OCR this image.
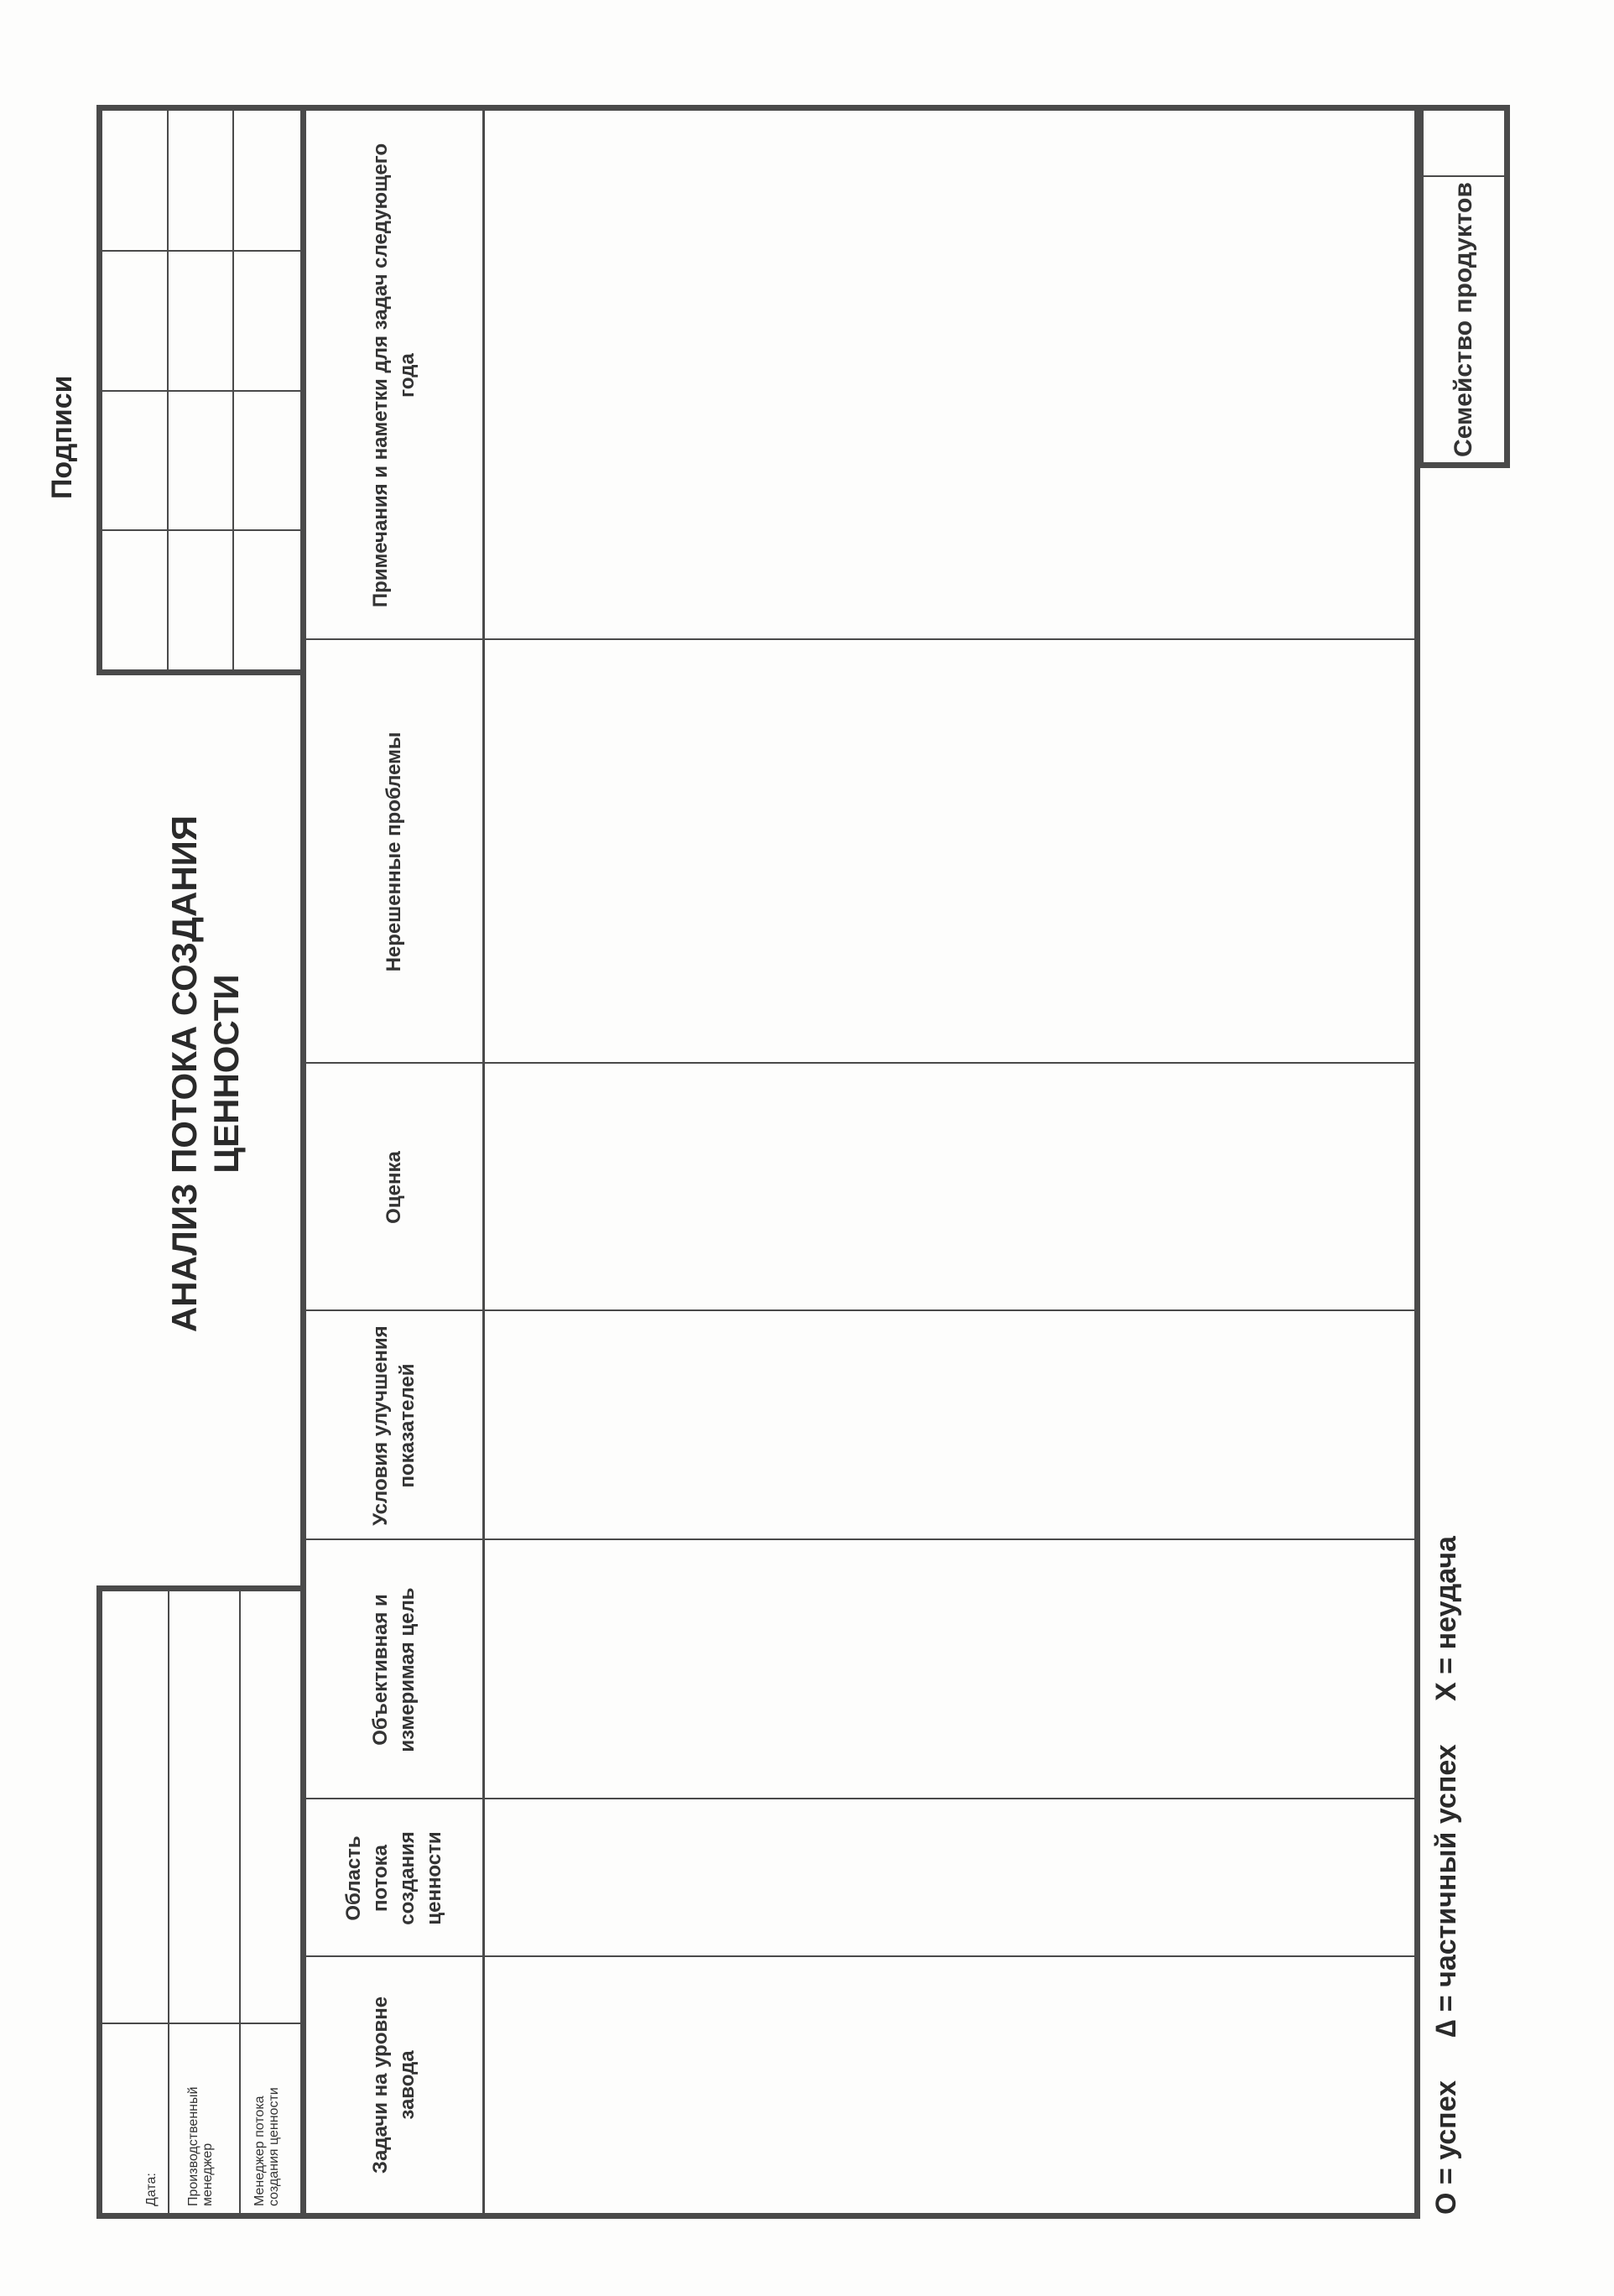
Подписи
Дата: Производственный менеджер	Менеджер потока создания ценности
АНАЛИЗ ПОТОКА СОЗДАНИЯ ЦЕННОСТИ
Задачи на уровне завода
Область потока создания ценности
Объективная и измеримая цель
Условия улучшения показателей
Оценка
Нерешенные проблемы
Примечания и наметки для задач следующего года	Семейство продуктов
O = успех ∆ = частичный успех X = неудача
